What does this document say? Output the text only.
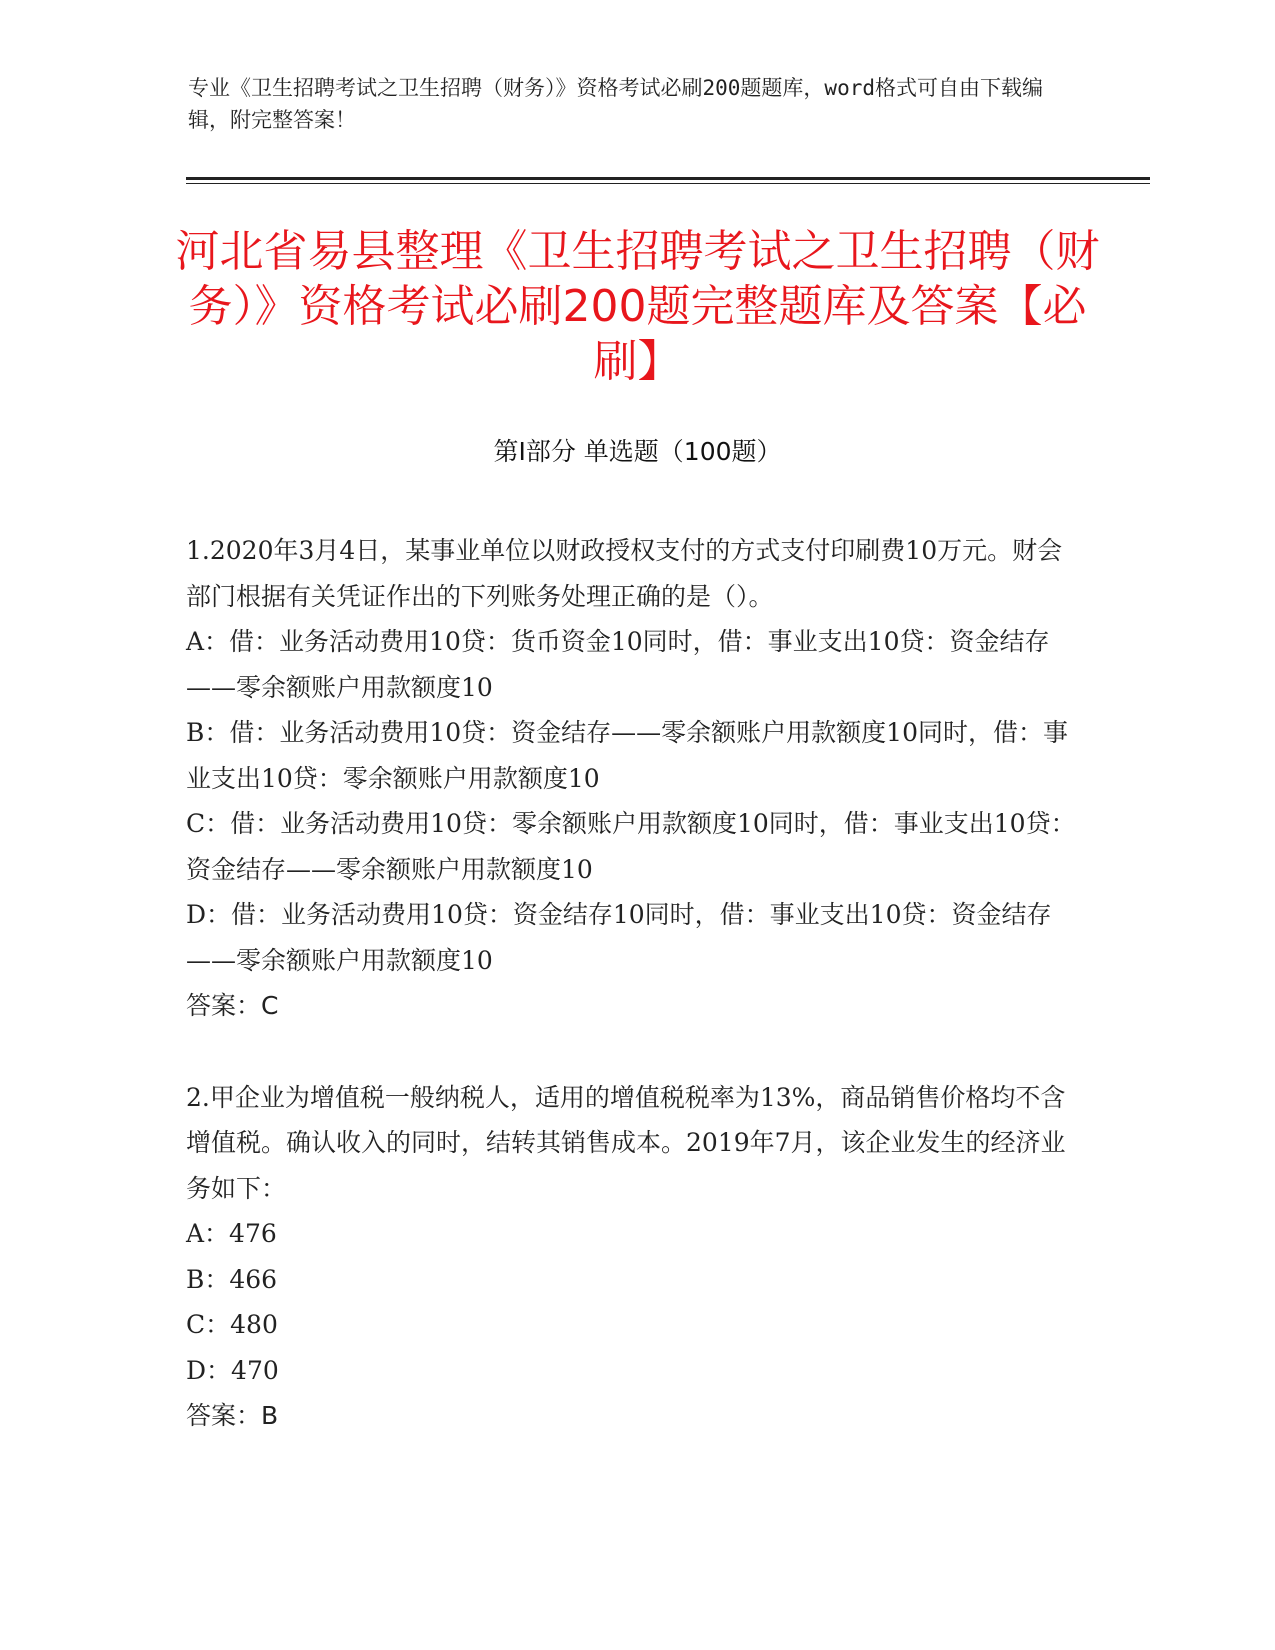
专业《卫生招聘考试之卫生招聘（财务）》资格考试必刷200题题库，word格式可自由下载编辑，附完整答案！
河北省易县整理《卫生招聘考试之卫生招聘（财务）》资格考试必刷200题完整题库及答案【必刷】
第I部分 单选题（100题）

1.2020年3月4日，某事业单位以财政授权支付的方式支付印刷费10万元。财会部门根据有关凭证作出的下列账务处理正确的是（）。

A：借：业务活动费用10贷：货币资金10同时，借：事业支出10贷：资金结存——零余额账户用款额度10

B：借：业务活动费用10贷：资金结存——零余额账户用款额度10同时，借：事业支出10贷：零余额账户用款额度10

C：借：业务活动费用10贷：零余额账户用款额度10同时，借：事业支出10贷：资金结存——零余额账户用款额度10

D：借：业务活动费用10贷：资金结存10同时，借：事业支出10贷：资金结存——零余额账户用款额度10

答案：C

2.甲企业为增值税一般纳税人，适用的增值税税率为13%，商品销售价格均不含增值税。确认收入的同时，结转其销售成本。2019年7月，该企业发生的经济业务如下：

A：476

B：466

C：480

D：470

答案：B
